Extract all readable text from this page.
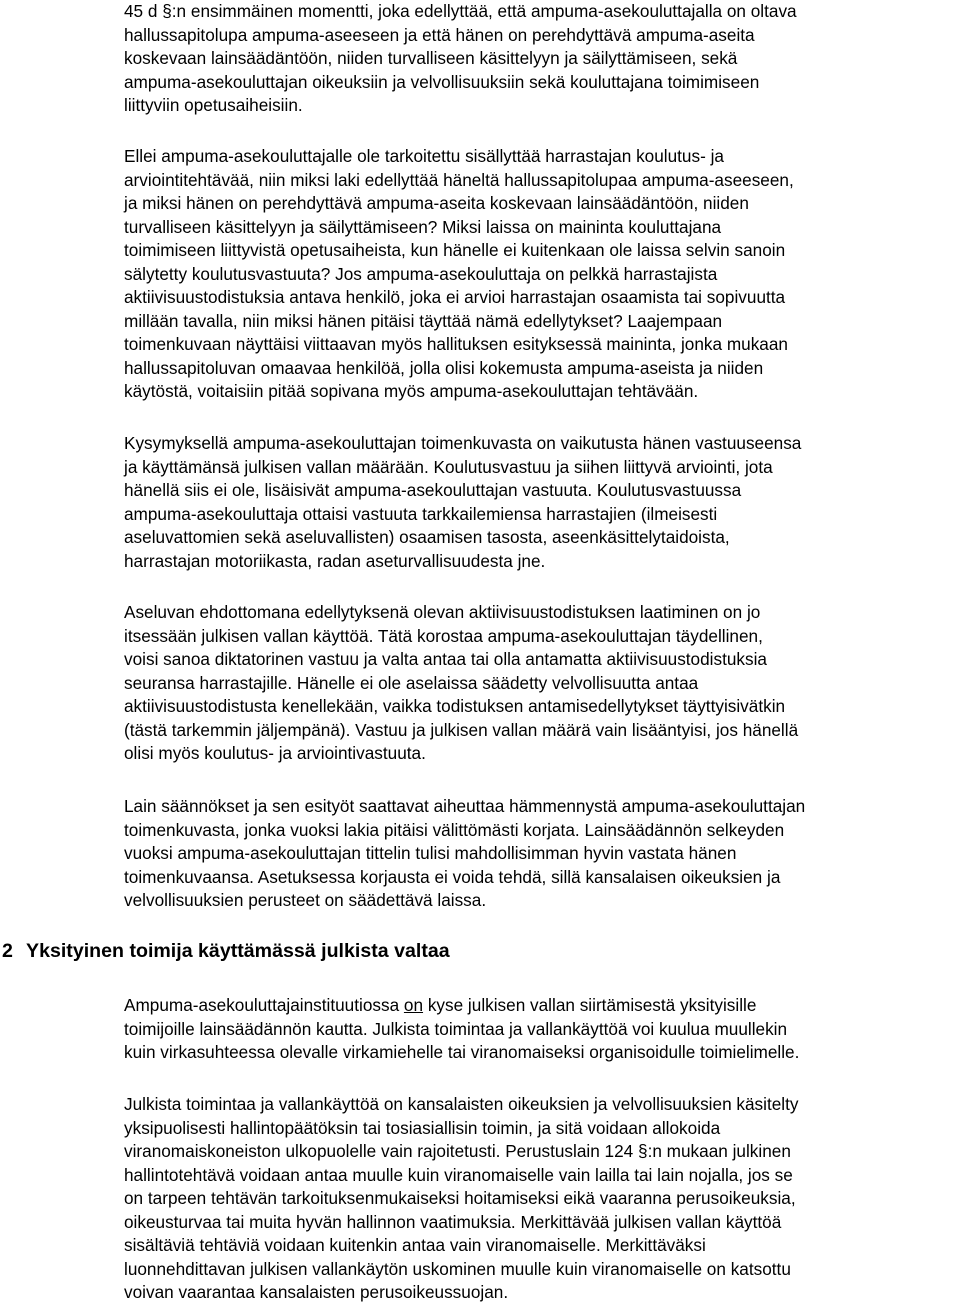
45 d §:n ensimmäinen momentti, joka edellyttää, että ampuma-asekouluttajalla on oltava
hallussapitolupa ampuma-aseeseen ja että hänen on perehdyttävä ampuma-aseita
koskevaan lainsäädäntöön, niiden turvalliseen käsittelyyn ja säilyttämiseen, sekä
ampuma-asekouluttajan oikeuksiin ja velvollisuuksiin sekä kouluttajana toimimiseen
liittyviin opetusaiheisiin.

Ellei ampuma-asekouluttajalle ole tarkoitettu sisällyttää harrastajan koulutus- ja
arviointitehtävää, niin miksi laki edellyttää häneltä hallussapitolupaa ampuma-aseeseen,
ja miksi hänen on perehdyttävä ampuma-aseita koskevaan lainsäädäntöön, niiden
turvalliseen käsittelyyn ja säilyttämiseen? Miksi laissa on maininta kouluttajana
toimimiseen liittyvistä opetusaiheista, kun hänelle ei kuitenkaan ole laissa selvin sanoin
sälytetty koulutusvastuuta? Jos ampuma-asekouluttaja on pelkkä harrastajista
aktiivisuustodistuksia antava henkilö, joka ei arvioi harrastajan osaamista tai sopivuutta
millään tavalla, niin miksi hänen pitäisi täyttää nämä edellytykset? Laajempaan
toimenkuvaan näyttäisi viittaavan myös hallituksen esityksessä maininta, jonka mukaan
hallussapitoluvan omaavaa henkilöä, jolla olisi kokemusta ampuma-aseista ja niiden
käytöstä, voitaisiin pitää sopivana myös ampuma-asekouluttajan tehtävään.

Kysymyksellä ampuma-asekouluttajan toimenkuvasta on vaikutusta hänen vastuuseensa
ja käyttämänsä julkisen vallan määrään. Koulutusvastuu ja siihen liittyvä arviointi, jota
hänellä siis ei ole, lisäisivät ampuma-asekouluttajan vastuuta. Koulutusvastuussa
ampuma-asekouluttaja ottaisi vastuuta tarkkailemiensa harrastajien (ilmeisesti
aseluvattomien sekä aseluvallisten) osaamisen tasosta, aseenkäsittelytaidoista,
harrastajan motoriikasta, radan aseturvallisuudesta jne.

Aseluvan ehdottomana edellytyksenä olevan aktiivisuustodistuksen laatiminen on jo
itsessään julkisen vallan käyttöä. Tätä korostaa ampuma-asekouluttajan täydellinen,
voisi sanoa diktatorinen vastuu ja valta antaa tai olla antamatta aktiivisuustodistuksia
seuransa harrastajille. Hänelle ei ole aselaissa säädetty velvollisuutta antaa
aktiivisuustodistusta kenellekään, vaikka todistuksen antamisedellytykset täyttyisivätkin
(tästä tarkemmin jäljempänä). Vastuu ja julkisen vallan määrä vain lisääntyisi, jos hänellä
olisi myös koulutus- ja arviointivastuuta.

Lain säännökset ja sen esityöt saattavat aiheuttaa hämmennystä ampuma-asekouluttajan
toimenkuvasta, jonka vuoksi lakia pitäisi välittömästi korjata. Lainsäädännön selkeyden
vuoksi ampuma-asekouluttajan tittelin tulisi mahdollisimman hyvin vastata hänen
toimenkuvaansa. Asetuksessa korjausta ei voida tehdä, sillä kansalaisen oikeuksien ja
velvollisuuksien perusteet on säädettävä laissa.

2 Yksityinen toimija käyttämässä julkista valtaa

Ampuma-asekouluttajainstituutiossa on kyse julkisen vallan siirtämisestä yksityisille
toimijoille lainsäädännön kautta. Julkista toimintaa ja vallankäyttöä voi kuulua muullekin
kuin virkasuhteessa olevalle virkamiehelle tai viranomaiseksi organisoidulle toimielimelle.

Julkista toimintaa ja vallankäyttöä on kansalaisten oikeuksien ja velvollisuuksien käsitelty
yksipuolisesti hallintopäätöksin tai tosiasiallisin toimin, ja sitä voidaan allokoida
viranomaiskoneiston ulkopuolelle vain rajoitetusti. Perustuslain 124 §:n mukaan julkinen
hallintotehtävä voidaan antaa muulle kuin viranomaiselle vain lailla tai lain nojalla, jos se
on tarpeen tehtävän tarkoituksenmukaiseksi hoitamiseksi eikä vaaranna perusoikeuksia,
oikeusturvaa tai muita hyvän hallinnon vaatimuksia. Merkittävää julkisen vallan käyttöä
sisältäviä tehtäviä voidaan kuitenkin antaa vain viranomaiselle. Merkittäväksi
luonnehdittavan julkisen vallankäytön uskominen muulle kuin viranomaiselle on katsottu
voivan vaarantaa kansalaisten perusoikeussuojan.
